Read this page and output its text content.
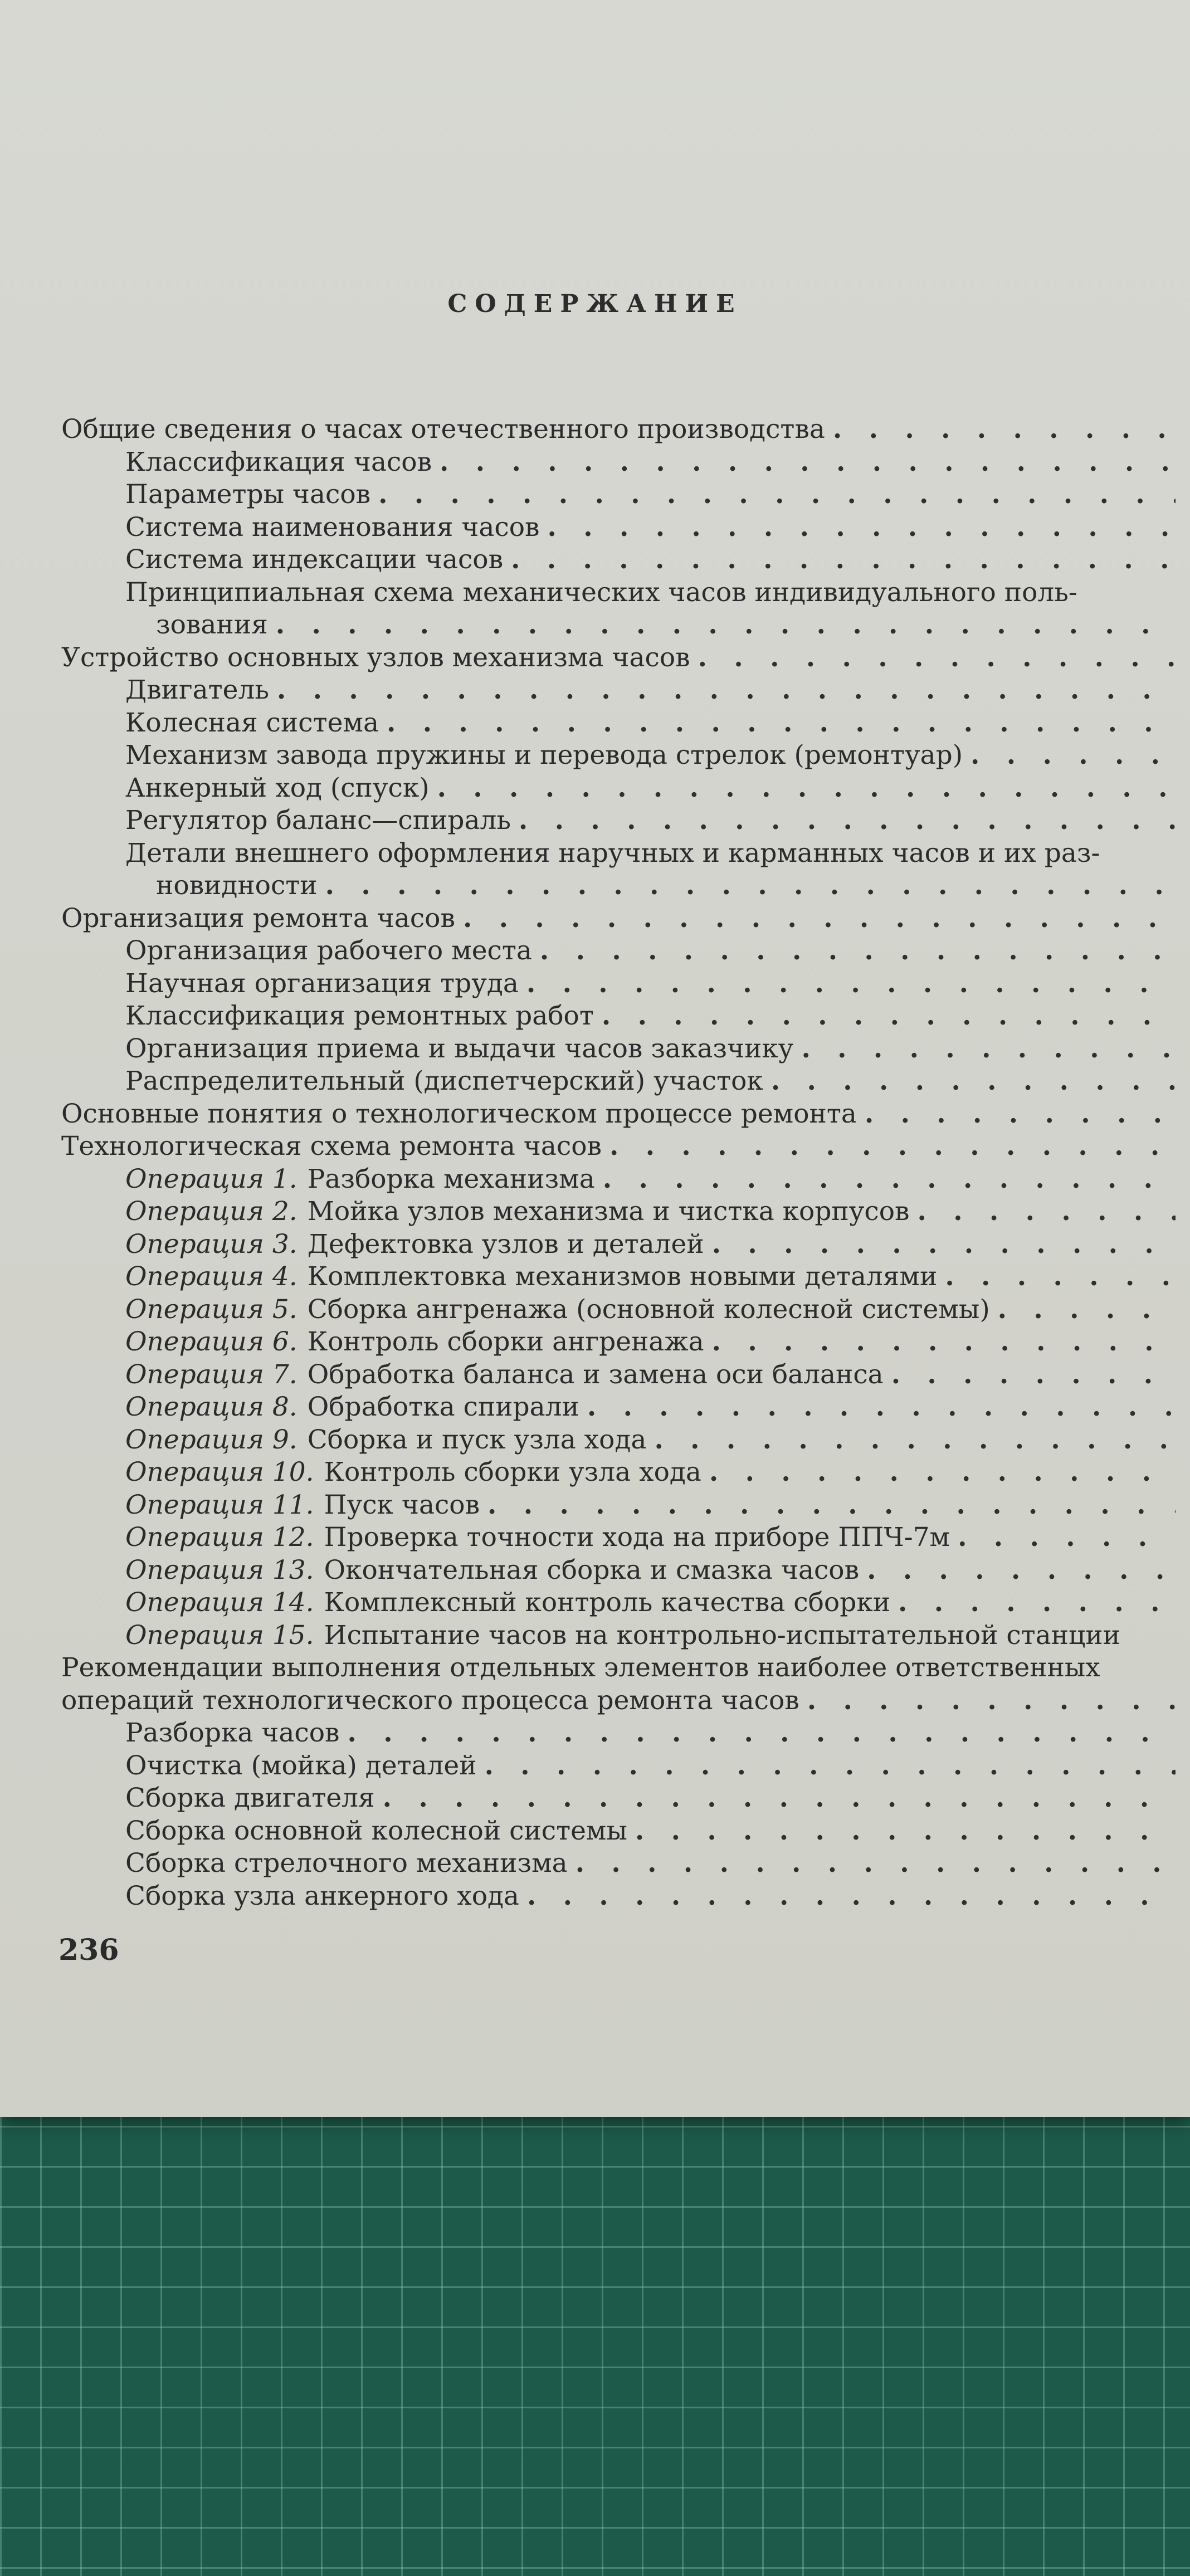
СОДЕРЖАНИЕ
Общие сведения о часах отечественного производства
. . .
Классификация часов
. . .
Параметры часов
. . .
Система наименования часов
. . .
Система индексации часов
. . .
Принципиальная схема механических часов индивидуального поль-
зования
. . .
Устройство основных узлов механизма часов
. . .
Двигатель
. . .
Колесная система
. . .
Механизм завода пружины и перевода стрелок (ремонтуар)
. . .
Анкерный ход (спуск)
. . .
Регулятор баланс—спираль
. . .
Детали внешнего оформления наручных и карманных часов и их раз-
новидности
. . .
Организация ремонта часов
. . .
Организация рабочего места
. . .
Научная организация труда
. . .
Классификация ремонтных работ
. . .
Организация приема и выдачи часов заказчику
. . .
Распределительный (диспетчерский) участок
. . .
Основные понятия о технологическом процессе ремонта
. . .
Технологическая схема ремонта часов
. . .
Операция 1. Разборка механизма
. . .
Операция 2. Мойка узлов механизма и чистка корпусов
. . .
Операция 3. Дефектовка узлов и деталей
. . .
Операция 4. Комплектовка механизмов новыми деталями
. . .
Операция 5. Сборка ангренажа (основной колесной системы)
. . .
Операция 6. Контроль сборки ангренажа
. . .
Операция 7. Обработка баланса и замена оси баланса
. . .
Операция 8. Обработка спирали
. . .
Операция 9. Сборка и пуск узла хода
. . .
Операция 10. Контроль сборки узла хода
. . .
Операция 11. Пуск часов
. . .
Операция 12. Проверка точности хода на приборе ППЧ-7м
. . .
Операция 13. Окончательная сборка и смазка часов
. . .
Операция 14. Комплексный контроль качества сборки
. . .
Операция 15. Испытание часов на контрольно-испытательной станции
Рекомендации выполнения отдельных элементов наиболее ответственных
операций технологического процесса ремонта часов
. . .
Разборка часов
. . .
Очистка (мойка) деталей
. . .
Сборка двигателя
. . .
Сборка основной колесной системы
. . .
Сборка стрелочного механизма
. . .
Сборка узла анкерного хода
. . .

236
